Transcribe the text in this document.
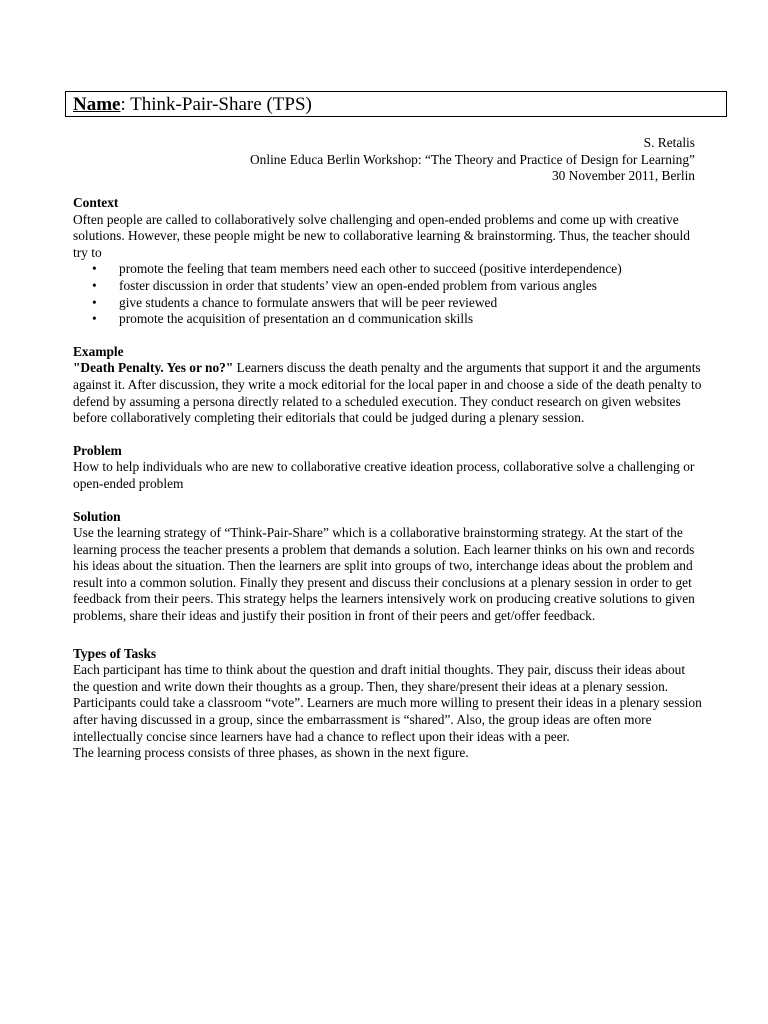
Name: Think-Pair-Share (TPS)
S. Retalis
Online Educa Berlin Workshop: “The Theory and Practice of Design for Learning”
30 November 2011, Berlin
Context

Often people are called to collaboratively solve challenging and open-ended problems and come up with creative solutions. However, these people might be new to collaborative learning & brainstorming. Thus, the teacher should try to

• promote the feeling that team members need each other to succeed (positive interdependence)
• foster discussion in order that students’ view an open-ended problem from various angles
• give students a chance to formulate answers that will be peer reviewed
• promote the acquisition of presentation an d communication skills
Example

"Death Penalty. Yes or no?" Learners discuss the death penalty and the arguments that support it and the arguments against it. After discussion, they write a mock editorial for the local paper in and choose a side of the death penalty to defend by assuming a persona directly related to a scheduled execution. They conduct research on given websites before collaboratively completing their editorials that could be judged during a plenary session.

Problem

How to help individuals who are new to collaborative creative ideation process, collaborative solve a challenging or open-ended problem

Solution

Use the learning strategy of “Think-Pair-Share” which is a collaborative brainstorming strategy. At the start of the learning process the teacher presents a problem that demands a solution. Each learner thinks on his own and records his ideas about the situation. Then the learners are split into groups of two, interchange ideas about the problem and result into a common solution. Finally they present and discuss their conclusions at a plenary session in order to get feedback from their peers. This strategy helps the learners intensively work on producing creative solutions to given problems, share their ideas and justify their position in front of their peers and get/offer feedback.

Types of Tasks

Each participant has time to think about the question and draft initial thoughts. They pair, discuss their ideas about the question and write down their thoughts as a group. Then, they share/present their ideas at a plenary session. Participants could take a classroom “vote”. Learners are much more willing to present their ideas in a plenary session after having discussed in a group, since the embarrassment is “shared”. Also, the group ideas are often more intellectually concise since learners have had a chance to reflect upon their ideas with a peer.

The learning process consists of three phases, as shown in the next figure.
